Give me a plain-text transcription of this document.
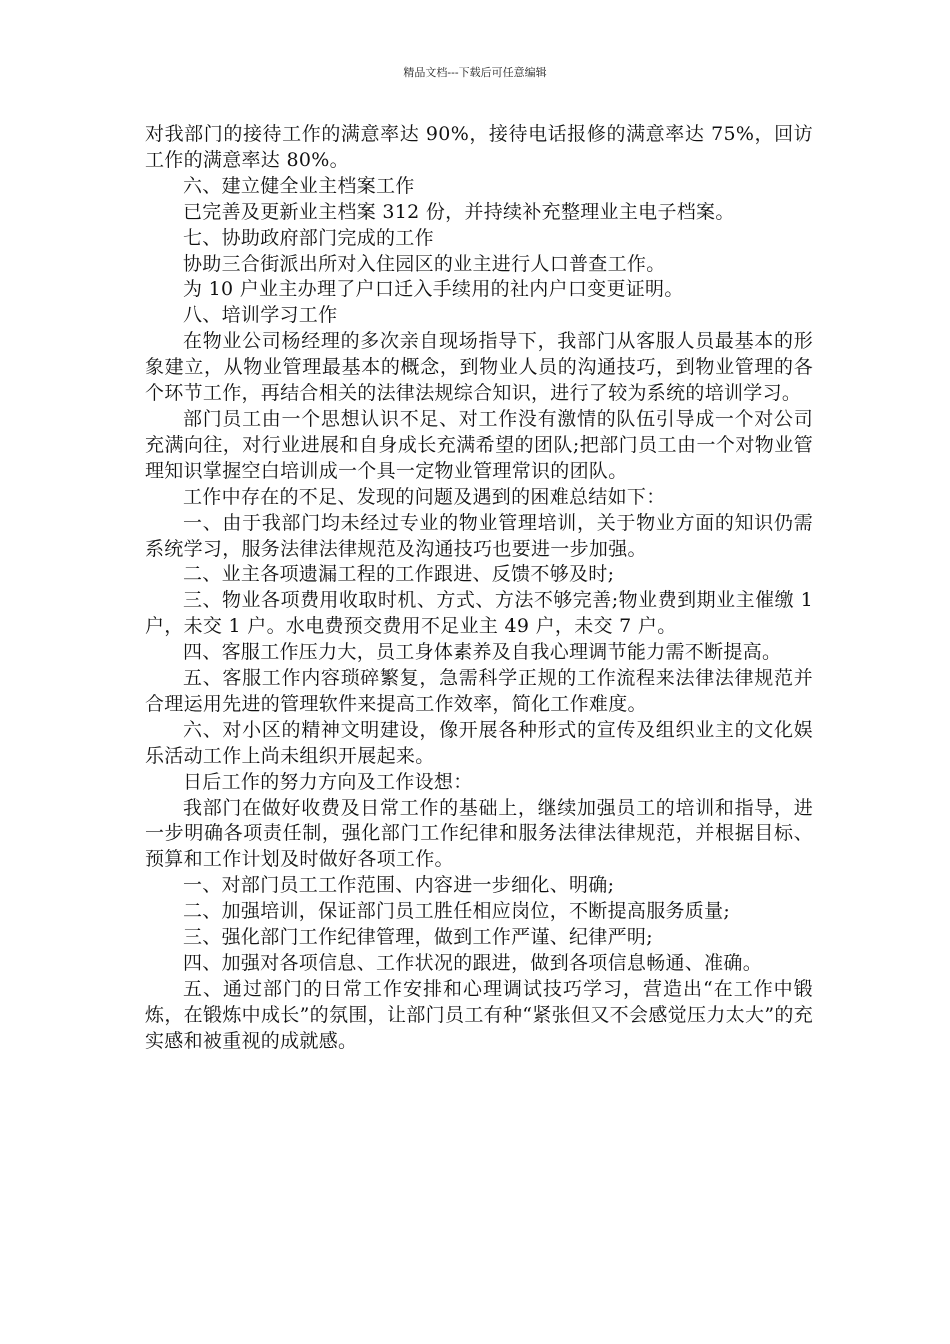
精品文档---下载后可任意编辑

对我部门的接待工作的满意率达 90%，接待电话报修的满意率达 75%，回访工作的满意率达 80%。

六、建立健全业主档案工作

已完善及更新业主档案 312 份，并持续补充整理业主电子档案。

七、协助政府部门完成的工作

协助三合街派出所对入住园区的业主进行人口普查工作。

为 10 户业主办理了户口迁入手续用的社内户口变更证明。

八、培训学习工作

在物业公司杨经理的多次亲自现场指导下，我部门从客服人员最基本的形象建立，从物业管理最基本的概念，到物业人员的沟通技巧，到物业管理的各个环节工作，再结合相关的法律法规综合知识，进行了较为系统的培训学习。

部门员工由一个思想认识不足、对工作没有激情的队伍引导成一个对公司充满向往，对行业进展和自身成长充满希望的团队;把部门员工由一个对物业管理知识掌握空白培训成一个具一定物业管理常识的团队。

工作中存在的不足、发现的问题及遇到的困难总结如下：

一、由于我部门均未经过专业的物业管理培训，关于物业方面的知识仍需系统学习，服务法律法律规范及沟通技巧也要进一步加强。

二、业主各项遗漏工程的工作跟进、反馈不够及时;

三、物业各项费用收取时机、方式、方法不够完善;物业费到期业主催缴 1 户，未交 1 户。水电费预交费用不足业主 49 户，未交 7 户。

四、客服工作压力大，员工身体素养及自我心理调节能力需不断提高。

五、客服工作内容琐碎繁复，急需科学正规的工作流程来法律法律规范并合理运用先进的管理软件来提高工作效率，简化工作难度。

六、对小区的精神文明建设，像开展各种形式的宣传及组织业主的文化娱乐活动工作上尚未组织开展起来。

日后工作的努力方向及工作设想：

我部门在做好收费及日常工作的基础上，继续加强员工的培训和指导，进一步明确各项责任制，强化部门工作纪律和服务法律法律规范，并根据目标、预算和工作计划及时做好各项工作。

一、对部门员工工作范围、内容进一步细化、明确;

二、加强培训，保证部门员工胜任相应岗位，不断提高服务质量;

三、强化部门工作纪律管理，做到工作严谨、纪律严明;

四、加强对各项信息、工作状况的跟进，做到各项信息畅通、准确。

五、通过部门的日常工作安排和心理调试技巧学习，营造出“在工作中锻炼，在锻炼中成长”的氛围，让部门员工有种“紧张但又不会感觉压力太大”的充实感和被重视的成就感。
